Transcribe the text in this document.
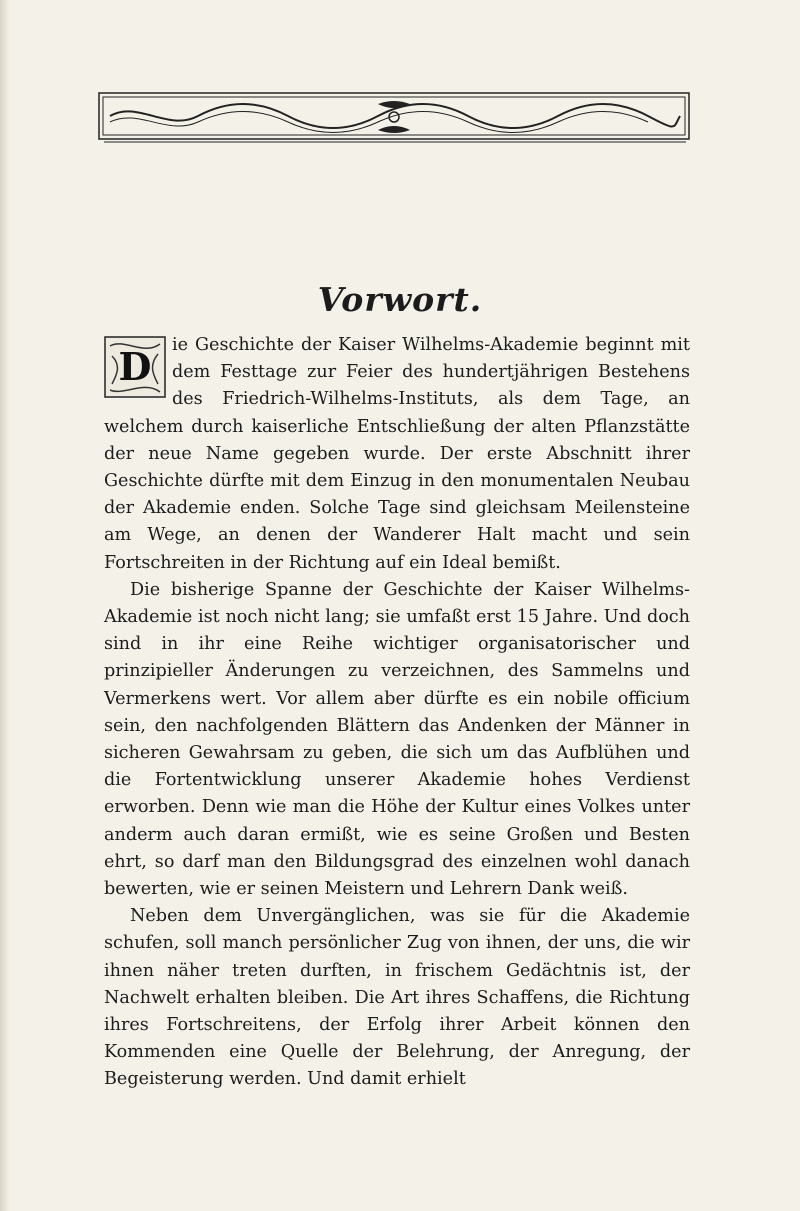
Vorwort.
D	ie Geschichte der Kaiser Wilhelms-Akademie beginnt mit dem Festtage zur Feier des hundertjährigen Bestehens des Friedrich-Wilhelms-Instituts, als dem Tage, an welchem durch kaiserliche Entschließung der alten Pflanzstätte der neue Name gegeben wurde. Der erste Abschnitt ihrer Geschichte dürfte mit dem Einzug in den monumentalen Neubau der Akademie enden. Solche Tage sind gleichsam Meilensteine am Wege, an denen der Wanderer Halt macht und sein Fortschreiten in der Richtung auf ein Ideal bemißt.

Die bisherige Spanne der Geschichte der Kaiser Wilhelms-Akademie ist noch nicht lang; sie umfaßt erst 15 Jahre. Und doch sind in ihr eine Reihe wichtiger organisatorischer und prinzipieller Änderungen zu verzeichnen, des Sammelns und Vermerkens wert. Vor allem aber dürfte es ein nobile officium sein, den nachfolgenden Blättern das Andenken der Männer in sicheren Gewahrsam zu geben, die sich um das Aufblühen und die Fortentwicklung unserer Akademie hohes Verdienst erworben. Denn wie man die Höhe der Kultur eines Volkes unter anderm auch daran ermißt, wie es seine Großen und Besten ehrt, so darf man den Bildungsgrad des einzelnen wohl danach bewerten, wie er seinen Meistern und Lehrern Dank weiß.

Neben dem Unvergänglichen, was sie für die Akademie schufen, soll manch persönlicher Zug von ihnen, der uns, die wir ihnen näher treten durften, in frischem Gedächtnis ist, der Nachwelt erhalten bleiben. Die Art ihres Schaffens, die Richtung ihres Fortschreitens, der Erfolg ihrer Arbeit können den Kommenden eine Quelle der Belehrung, der Anregung, der Begeisterung werden. Und damit erhielt
